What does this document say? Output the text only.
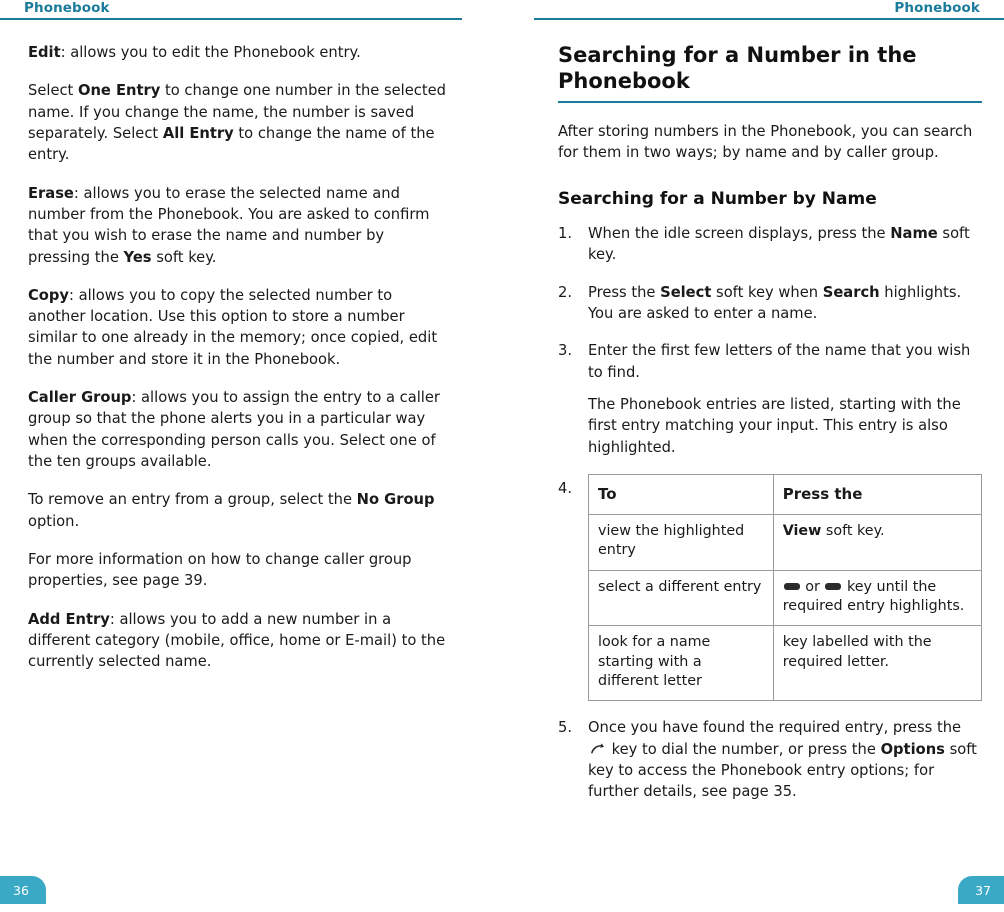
Phonebook	Phonebook

Edit: allows you to edit the Phonebook entry.

Select One Entry to change one number in the selected name. If you change the name, the number is saved separately. Select All Entry to change the name of the entry.

Erase: allows you to erase the selected name and number from the Phonebook. You are asked to confirm that you wish to erase the name and number by pressing the Yes soft key.

Copy: allows you to copy the selected number to another location. Use this option to store a number similar to one already in the memory; once copied, edit the number and store it in the Phonebook.

Caller Group: allows you to assign the entry to a caller group so that the phone alerts you in a particular way when the corresponding person calls you. Select one of the ten groups available.

To remove an entry from a group, select the No Group option.

For more information on how to change caller group properties, see page 39.

Add Entry: allows you to add a new number in a different category (mobile, office, home or E-mail) to the currently selected name.

Searching for a Number in the Phonebook

After storing numbers in the Phonebook, you can search for them in two ways; by name and by caller group.

Searching for a Number by Name
1.	When the idle screen displays, press the Name soft key.

2.	Press the Select soft key when Search highlights. You are asked to enter a name.

3.	Enter the first few letters of the name that you wish to find.

The Phonebook entries are listed, starting with the first entry matching your input. This entry is also highlighted.

4. To	Press the
view the highlighted entry	View soft key.
select a different entry	or  key until the required entry highlights.
look for a name starting with a different letter	key labelled with the required letter.
5.	Once you have found the required entry, press the
key to dial the number, or press the Options soft key to access the Phonebook entry options; for further details, see page 35.

36	37
